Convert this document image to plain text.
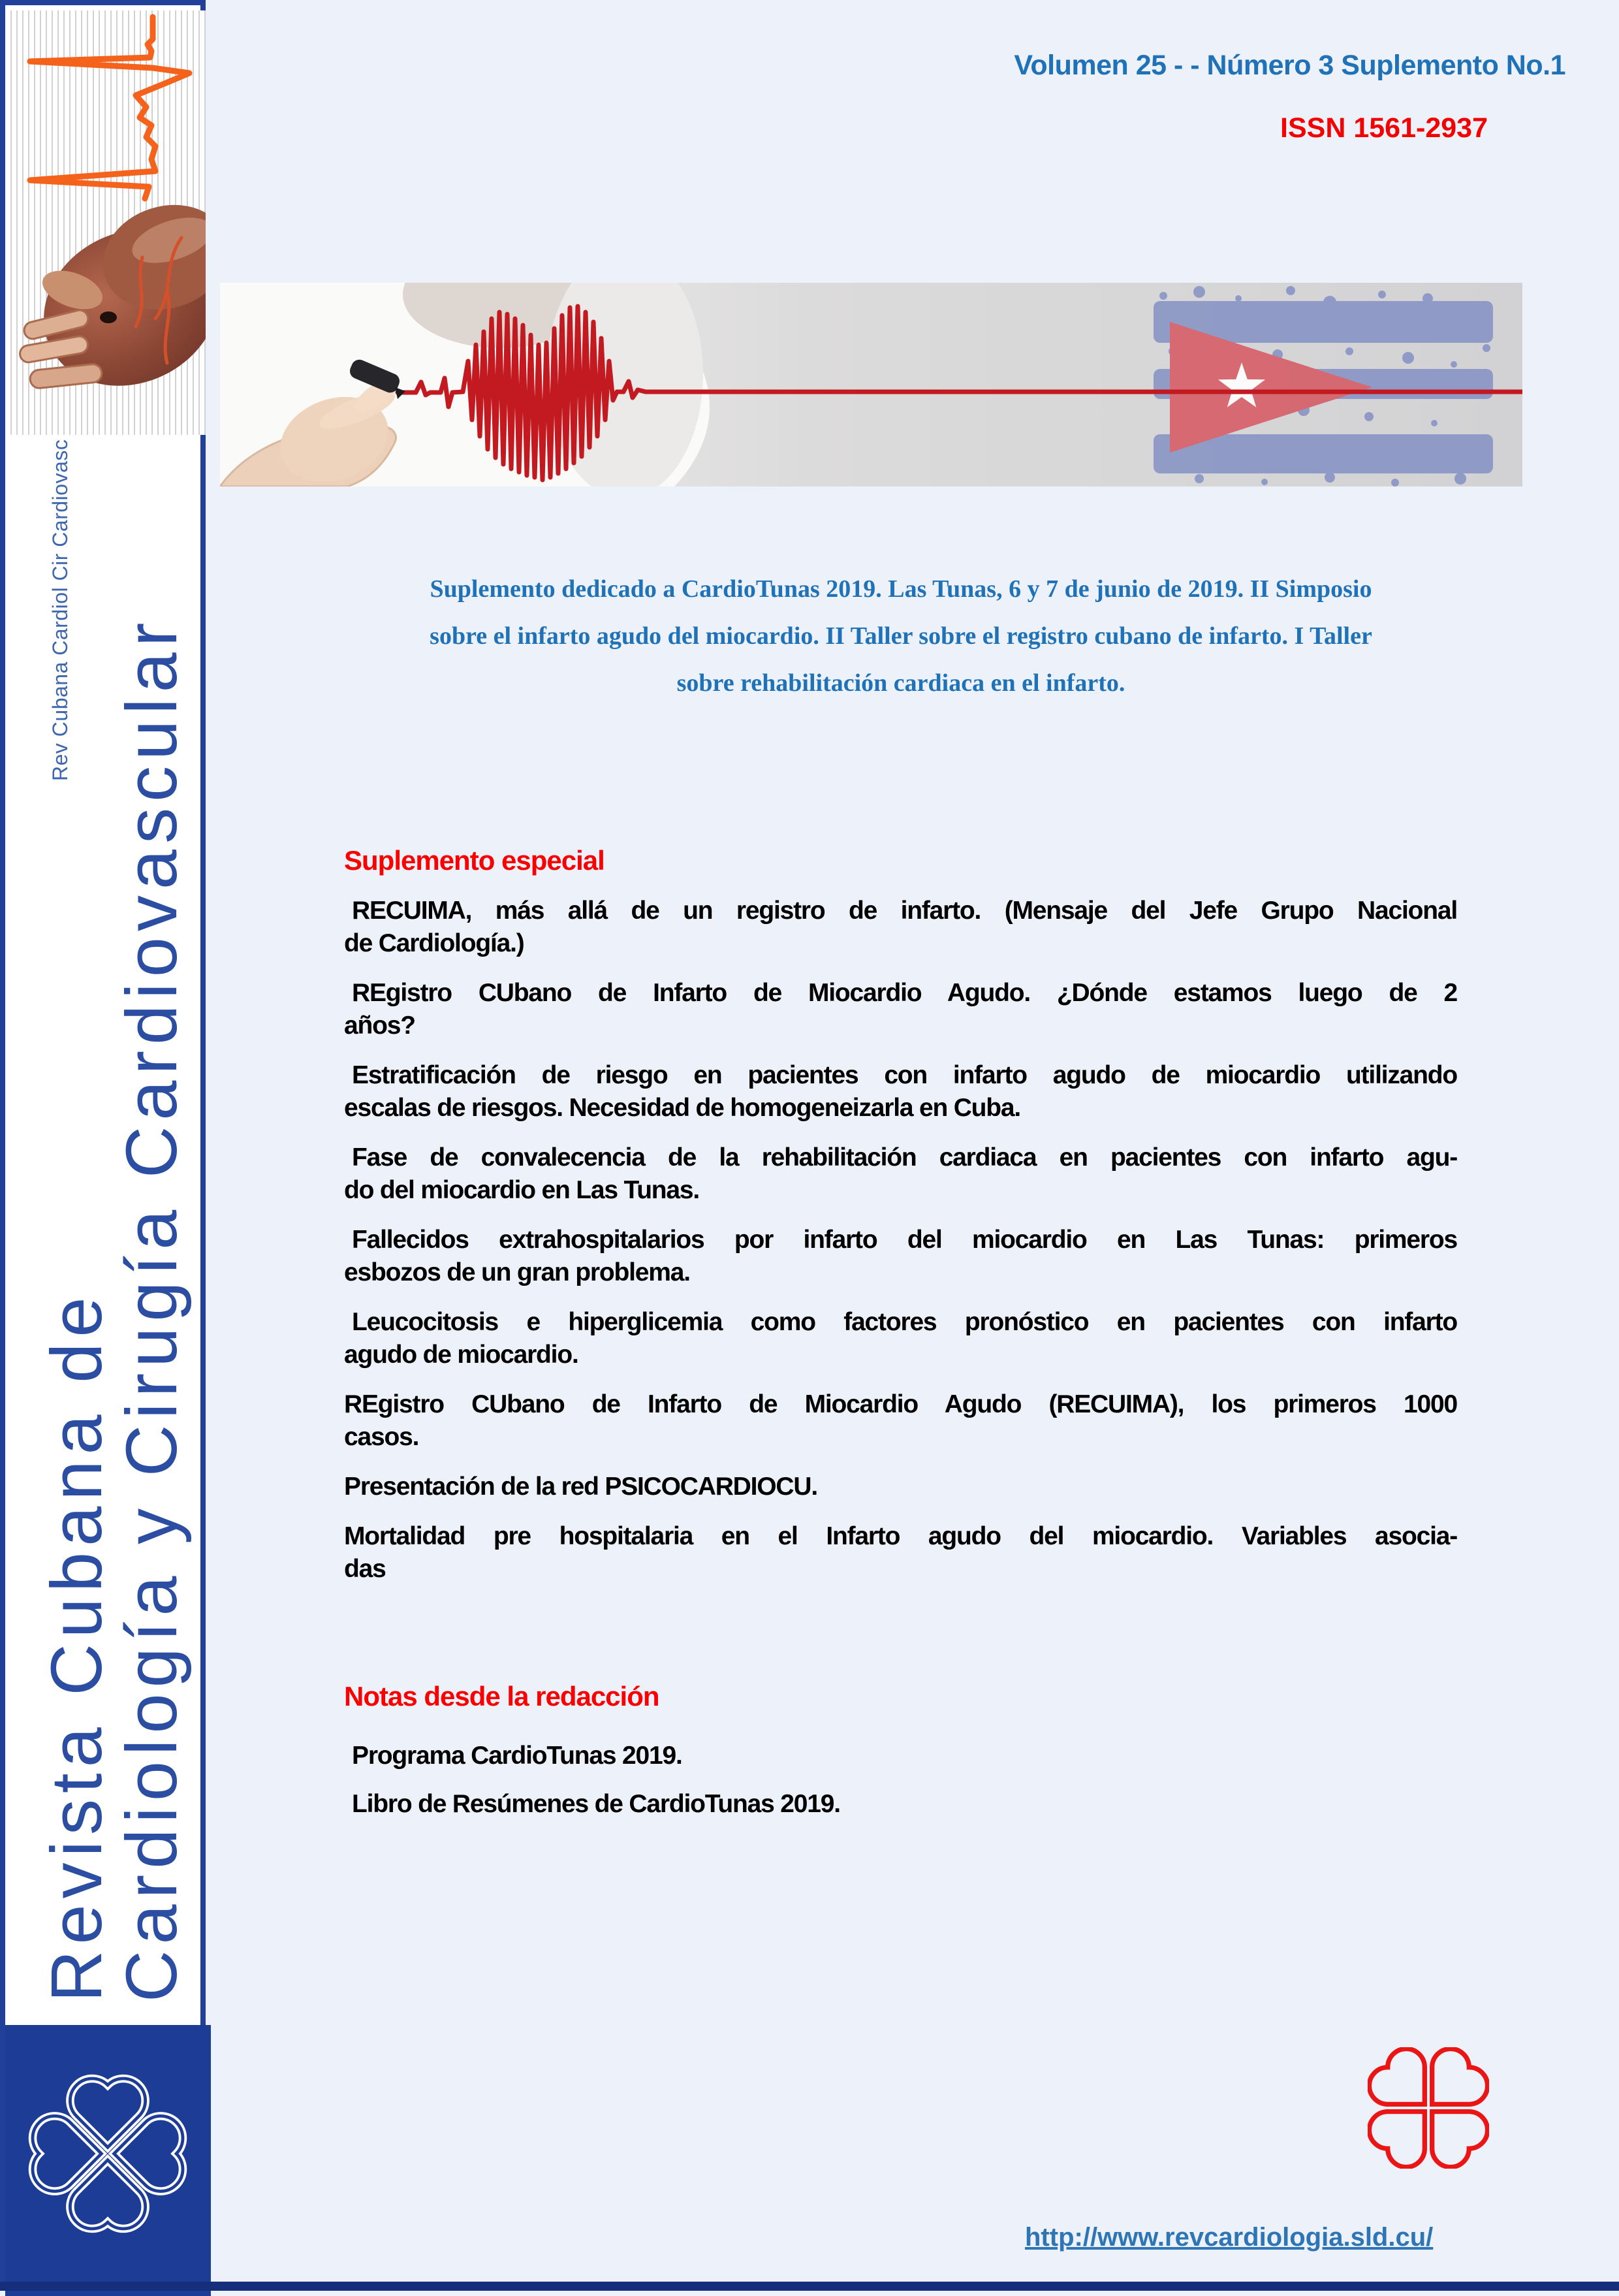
Rev Cubana Cardiol Cir Cardiovasc
Revista Cubana de
Cardiología y Cirugía Cardiovascular
Volumen 25 - - Número 3 Suplemento No.1
ISSN 1561-2937
Suplemento dedicado a CardioTunas 2019. Las Tunas, 6 y 7 de junio de 2019. II Simposio
sobre el infarto agudo del miocardio. II Taller sobre el registro cubano de infarto. I Taller
sobre rehabilitación cardiaca en el infarto.
Suplemento especial
RECUIMA, más allá de un registro de infarto. (Mensaje del Jefe Grupo Nacional
de Cardiología.)
REgistro CUbano de Infarto de Miocardio Agudo. ¿Dónde estamos luego de 2
años?
Estratificación de riesgo en pacientes con infarto agudo de miocardio utilizando
escalas de riesgos. Necesidad de homogeneizarla en Cuba.
Fase de convalecencia de la rehabilitación cardiaca en pacientes con infarto agu-
do del miocardio en Las Tunas.
Fallecidos extrahospitalarios por infarto del miocardio en Las Tunas: primeros
esbozos de un gran problema.
Leucocitosis e hiperglicemia como factores pronóstico en pacientes con infarto
agudo de miocardio.
REgistro CUbano de Infarto de Miocardio Agudo (RECUIMA), los primeros 1000
casos.
Presentación de la red PSICOCARDIOCU.
Mortalidad pre hospitalaria en el Infarto agudo del miocardio. Variables asocia-
das
Notas desde la redacción
Programa CardioTunas 2019.
Libro de Resúmenes de CardioTunas 2019.
http://www.revcardiologia.sld.cu/
